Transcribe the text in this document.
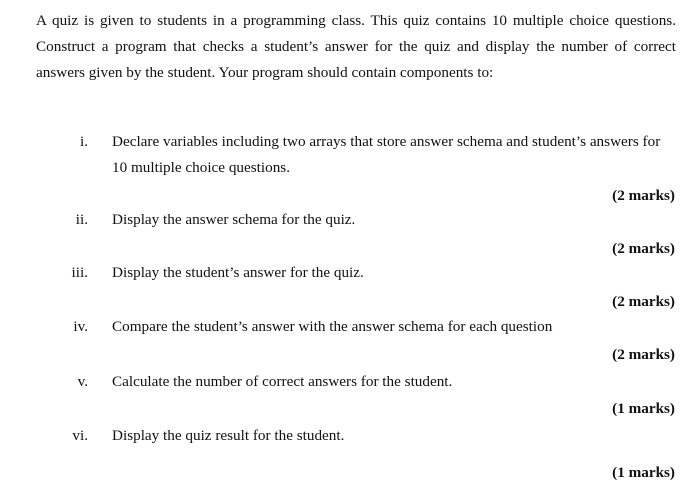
A quiz is given to students in a programming class. This quiz contains 10 multiple choice questions. Construct a program that checks a student’s answer for the quiz and display the number of correct answers given by the student. Your program should contain components to:

i. Declare variables including two arrays that store answer schema and student’s answers for 10 multiple choice questions.
(2 marks)
ii. Display the answer schema for the quiz.
(2 marks)
iii. Display the student’s answer for the quiz.
(2 marks)
iv. Compare the student’s answer with the answer schema for each question
(2 marks)
v. Calculate the number of correct answers for the student.
(1 marks)
vi. Display the quiz result for the student.
(1 marks)
